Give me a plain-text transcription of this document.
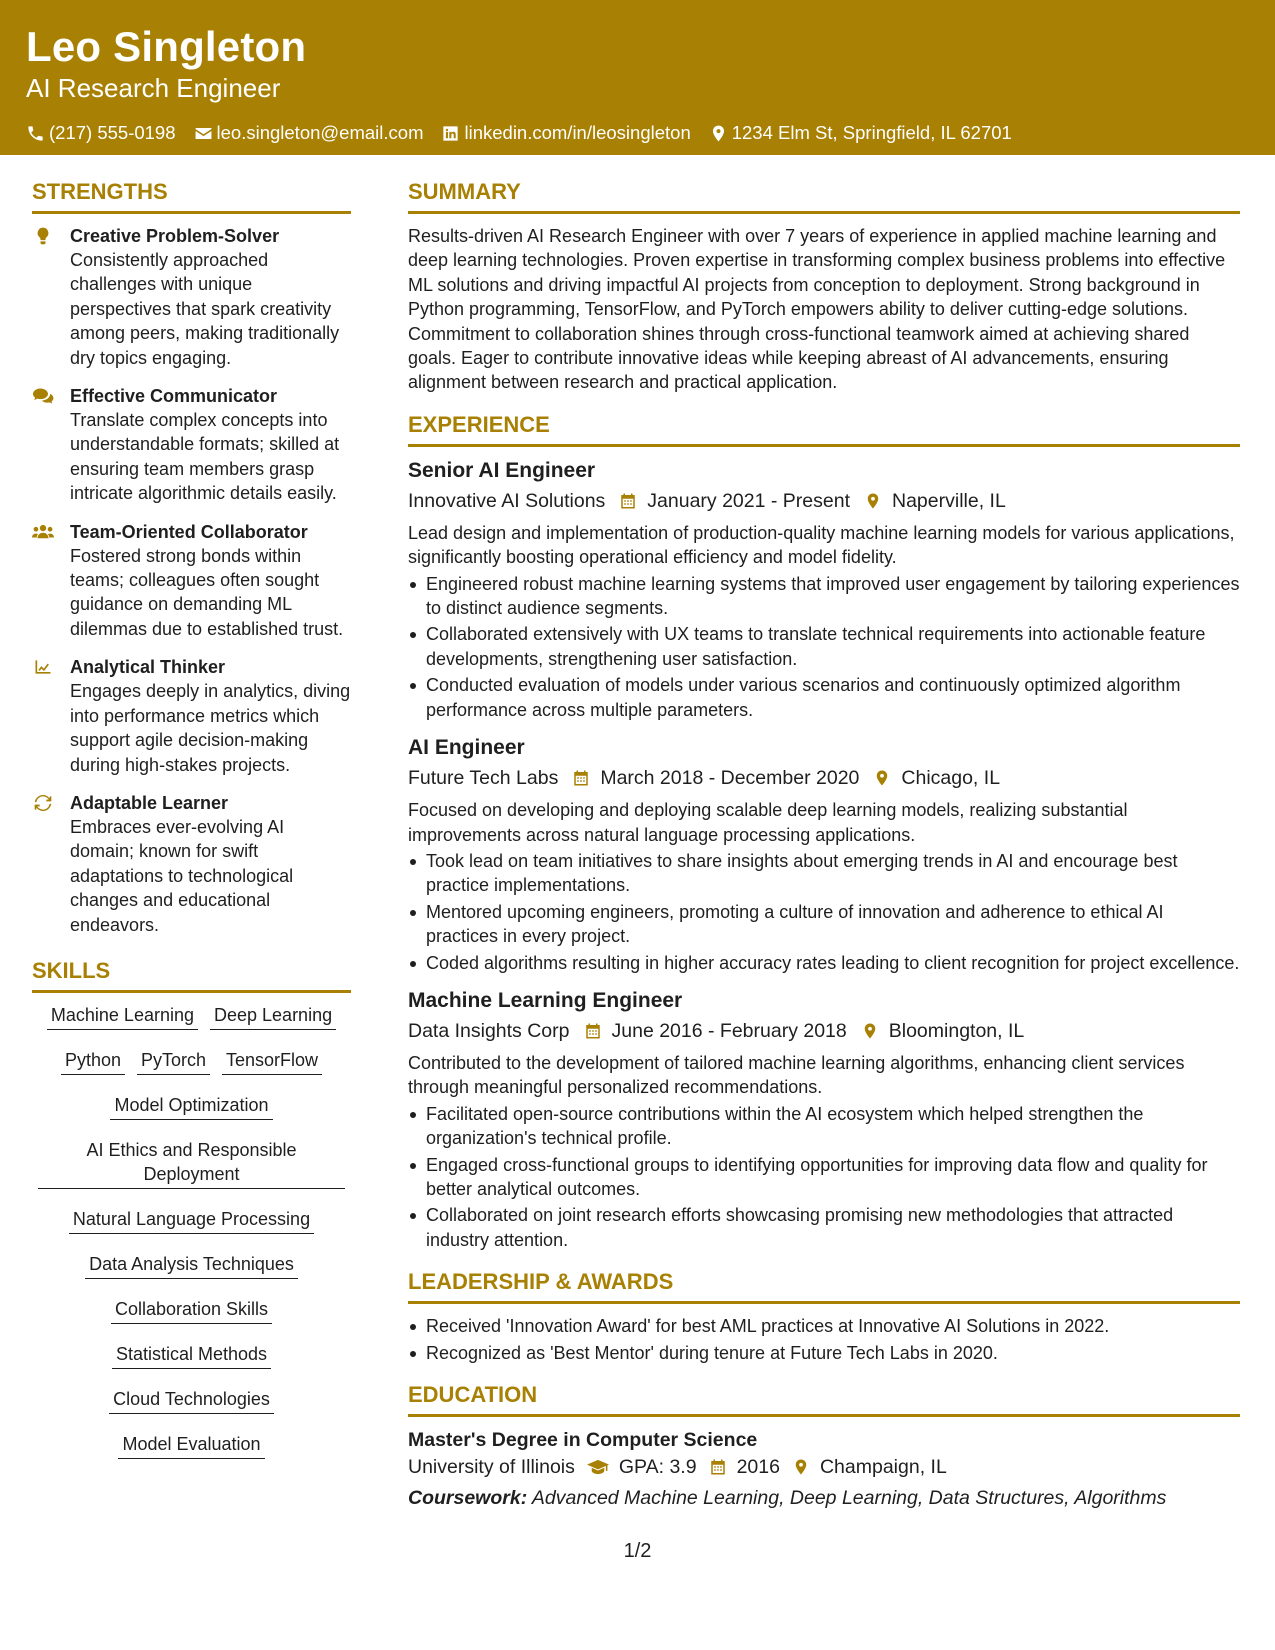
Leo Singleton
AI Research Engineer
(217) 555-0198 leo.singleton@email.com linkedin.com/in/leosingleton 1234 Elm St, Springfield, IL 62701
STRENGTHS
Creative Problem-Solver
Consistently approached challenges with unique perspectives that spark creativity among peers, making traditionally dry topics engaging.
Effective Communicator
Translate complex concepts into understandable formats; skilled at ensuring team members grasp intricate algorithmic details easily.
Team-Oriented Collaborator
Fostered strong bonds within teams; colleagues often sought guidance on demanding ML dilemmas due to established trust.
Analytical Thinker
Engages deeply in analytics, diving into performance metrics which support agile decision-making during high-stakes projects.
Adaptable Learner
Embraces ever-evolving AI domain; known for swift adaptations to technological changes and educational endeavors.
SKILLS
Machine Learning Deep Learning
Python PyTorch TensorFlow
Model Optimization
AI Ethics and Responsible Deployment
Natural Language Processing
Data Analysis Techniques
Collaboration Skills
Statistical Methods
Cloud Technologies
Model Evaluation
SUMMARY
Results-driven AI Research Engineer with over 7 years of experience in applied machine learning and deep learning technologies. Proven expertise in transforming complex business problems into effective ML solutions and driving impactful AI projects from conception to deployment. Strong background in Python programming, TensorFlow, and PyTorch empowers ability to deliver cutting-edge solutions. Commitment to collaboration shines through cross-functional teamwork aimed at achieving shared goals. Eager to contribute innovative ideas while keeping abreast of AI advancements, ensuring alignment between research and practical application.
EXPERIENCE
Senior AI Engineer
Innovative AI Solutions January 2021 - Present Naperville, IL
Lead design and implementation of production-quality machine learning models for various applications, significantly boosting operational efficiency and model fidelity.
Engineered robust machine learning systems that improved user engagement by tailoring experiences to distinct audience segments.
Collaborated extensively with UX teams to translate technical requirements into actionable feature developments, strengthening user satisfaction.
Conducted evaluation of models under various scenarios and continuously optimized algorithm performance across multiple parameters.
AI Engineer
Future Tech Labs March 2018 - December 2020 Chicago, IL
Focused on developing and deploying scalable deep learning models, realizing substantial improvements across natural language processing applications.
Took lead on team initiatives to share insights about emerging trends in AI and encourage best practice implementations.
Mentored upcoming engineers, promoting a culture of innovation and adherence to ethical AI practices in every project.
Coded algorithms resulting in higher accuracy rates leading to client recognition for project excellence.
Machine Learning Engineer
Data Insights Corp June 2016 - February 2018 Bloomington, IL
Contributed to the development of tailored machine learning algorithms, enhancing client services through meaningful personalized recommendations.
Facilitated open-source contributions within the AI ecosystem which helped strengthen the organization's technical profile.
Engaged cross-functional groups to identifying opportunities for improving data flow and quality for better analytical outcomes.
Collaborated on joint research efforts showcasing promising new methodologies that attracted industry attention.
LEADERSHIP & AWARDS
Received 'Innovation Award' for best AML practices at Innovative AI Solutions in 2022.
Recognized as 'Best Mentor' during tenure at Future Tech Labs in 2020.
EDUCATION
Master's Degree in Computer Science
University of Illinois GPA: 3.9 2016 Champaign, IL
Coursework: Advanced Machine Learning, Deep Learning, Data Structures, Algorithms
1/2
